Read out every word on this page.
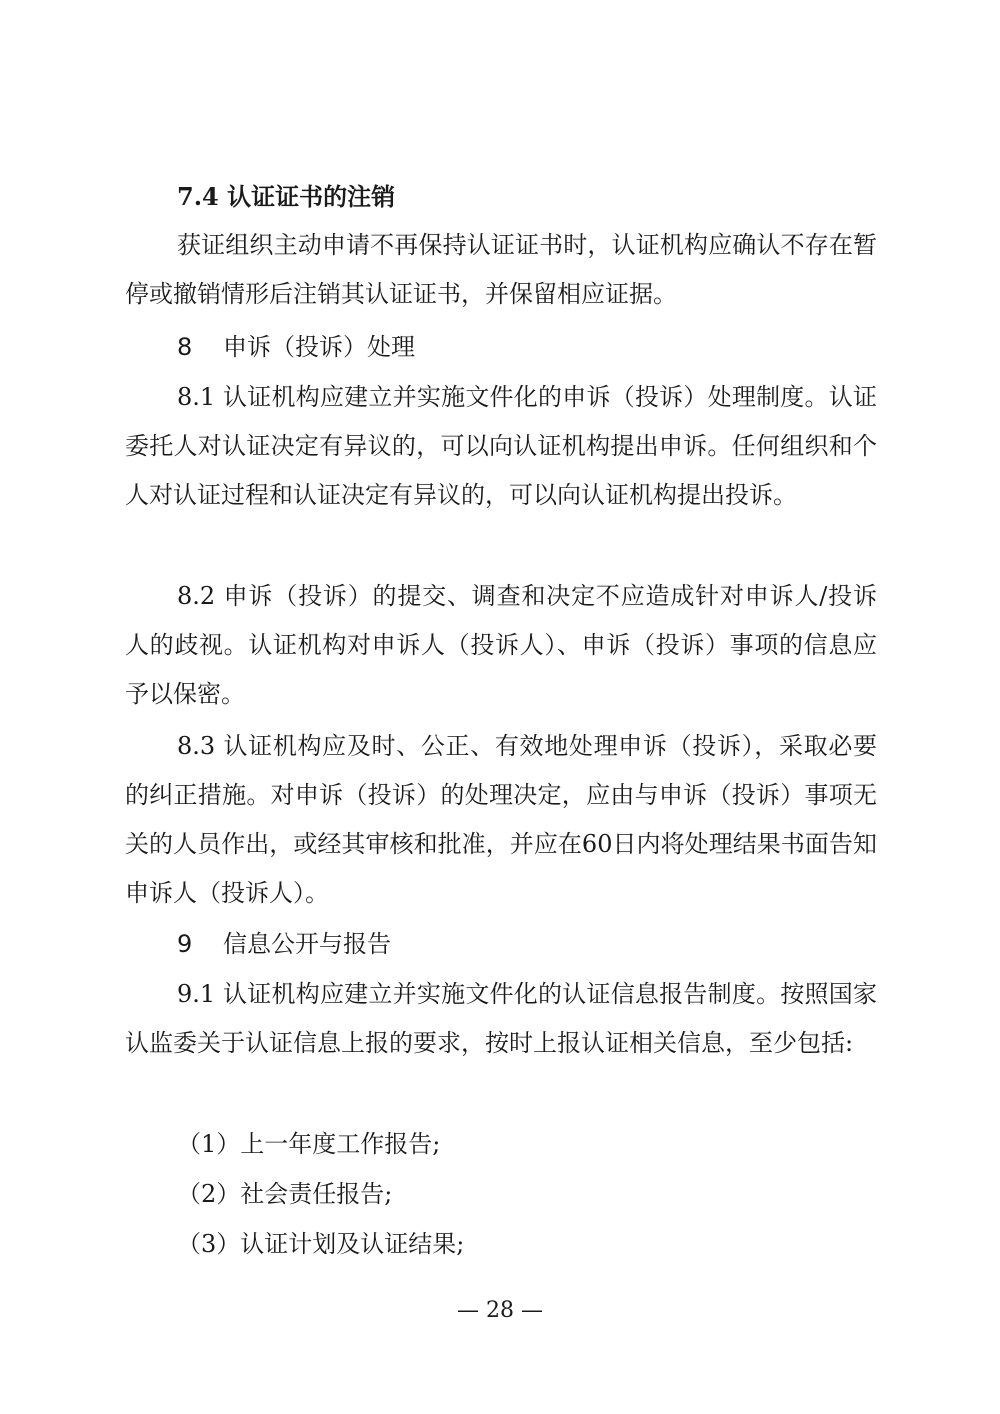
7.4 认证证书的注销

获证组织主动申请不再保持认证证书时，认证机构应确认不存在暂停或撤销情形后注销其认证证书，并保留相应证据。

8 申诉（投诉）处理

8.1 认证机构应建立并实施文件化的申诉（投诉）处理制度。认证委托人对认证决定有异议的，可以向认证机构提出申诉。任何组织和个人对认证过程和认证决定有异议的，可以向认证机构提出投诉。

8.2 申诉（投诉）的提交、调查和决定不应造成针对申诉人/投诉人的歧视。认证机构对申诉人（投诉人）、申诉（投诉）事项的信息应予以保密。

8.3 认证机构应及时、公正、有效地处理申诉（投诉），采取必要的纠正措施。对申诉（投诉）的处理决定，应由与申诉（投诉）事项无关的人员作出，或经其审核和批准，并应在60日内将处理结果书面告知申诉人（投诉人）。

9 信息公开与报告

9.1 认证机构应建立并实施文件化的认证信息报告制度。按照国家认监委关于认证信息上报的要求，按时上报认证相关信息，至少包括:

（1）上一年度工作报告;

（2）社会责任报告;

（3）认证计划及认证结果;

— 28 —
